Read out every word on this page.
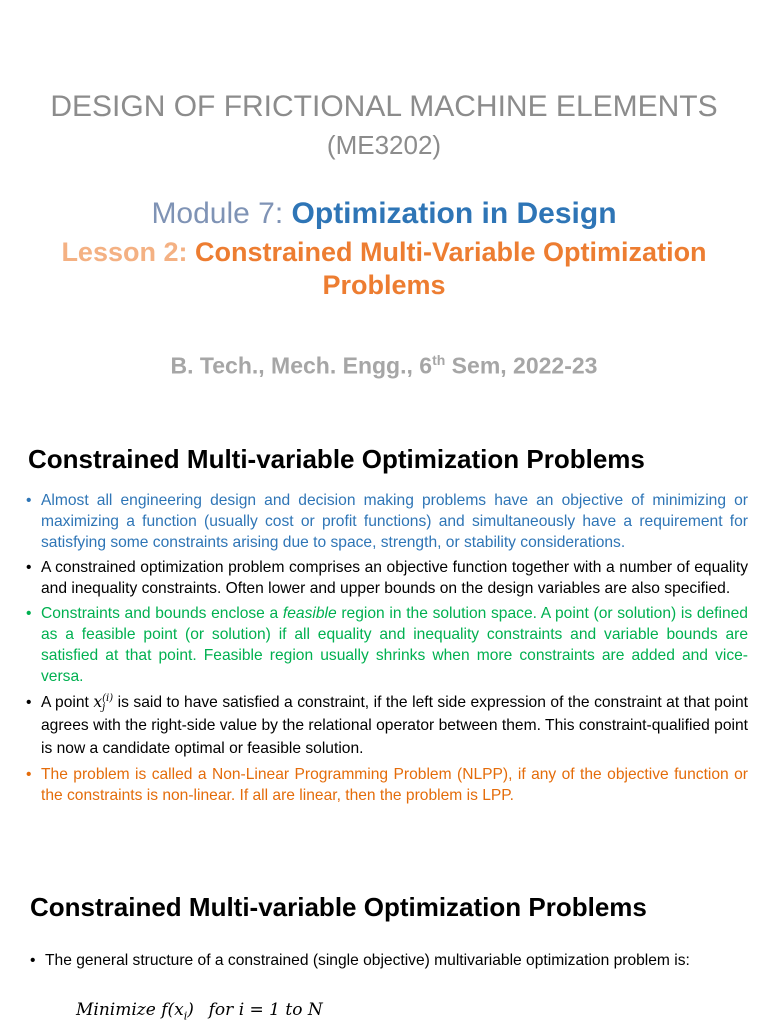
DESIGN OF FRICTIONAL MACHINE ELEMENTS
(ME3202)
Module 7: Optimization in Design
Lesson 2: Constrained Multi-Variable Optimization Problems
B. Tech., Mech. Engg., 6th Sem, 2022-23
Constrained Multi-variable Optimization Problems
• Almost all engineering design and decision making problems have an objective of minimizing or maximizing a function (usually cost or profit functions) and simultaneously have a requirement for satisfying some constraints arising due to space, strength, or stability considerations.
• A constrained optimization problem comprises an objective function together with a number of equality and inequality constraints. Often lower and upper bounds on the design variables are also specified.
• Constraints and bounds enclose a feasible region in the solution space. A point (or solution) is defined as a feasible point (or solution) if all equality and inequality constraints and variable bounds are satisfied at that point. Feasible region usually shrinks when more constraints are added and vice-versa.
• A point x (i)
j is said to have satisfied a constraint, if the left side expression of the constraint at that point agrees with the right-side value by the relational operator between them. This constraint-qualified point is now a candidate optimal or feasible solution.
• The problem is called a Non-Linear Programming Problem (NLPP), if any of the objective function or the constraints is non-linear. If all are linear, then the problem is LPP.
Constrained Multi-variable Optimization Problems
• The general structure of a constrained (single objective) multivariable optimization problem is:
Minimize $f(x_i)$ for i = 1 to N
